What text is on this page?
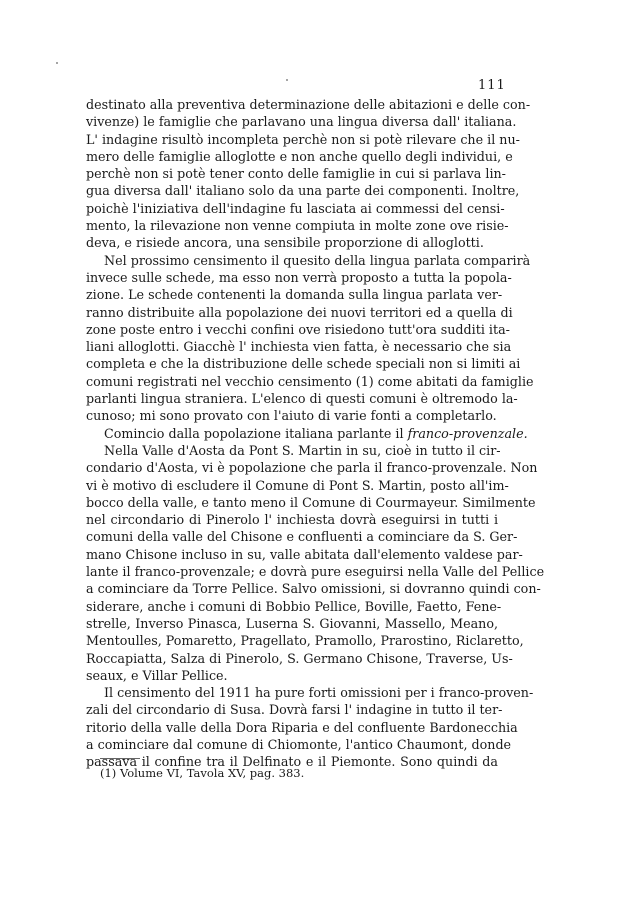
111
destinato alla preventiva determinazione delle abitazioni e delle con-
vivenze) le famiglie che parlavano una lingua diversa dall' italiana.
L' indagine risultò incompleta perchè non si potè rilevare che il nu-
mero delle famiglie alloglotte e non anche quello degli individui, e
perchè non si potè tener conto delle famiglie in cui si parlava lin-
gua diversa dall' italiano solo da una parte dei componenti. Inoltre,
poichè l'iniziativa dell'indagine fu lasciata ai commessi del censi-
mento, la rilevazione non venne compiuta in molte zone ove risie-
deva, e risiede ancora, una sensibile proporzione di alloglotti.
Nel prossimo censimento il quesito della lingua parlata comparirà
invece sulle schede, ma esso non verrà proposto a tutta la popola-
zione. Le schede contenenti la domanda sulla lingua parlata ver-
ranno distribuite alla popolazione dei nuovi territori ed a quella di
zone poste entro i vecchi confini ove risiedono tutt'ora sudditi ita-
liani alloglotti. Giacchè l' inchiesta vien fatta, è necessario che sia
completa e che la distribuzione delle schede speciali non si limiti ai
comuni registrati nel vecchio censimento (1) come abitati da famiglie
parlanti lingua straniera. L'elenco di questi comuni è oltremodo la-
cunoso; mi sono provato con l'aiuto di varie fonti a completarlo.
Comincio dalla popolazione italiana parlante il franco-provenzale.
Nella Valle d'Aosta da Pont S. Martin in su, cioè in tutto il cir-
condario d'Aosta, vi è popolazione che parla il franco-provenzale. Non
vi è motivo di escludere il Comune di Pont S. Martin, posto all'im-
bocco della valle, e tanto meno il Comune di Courmayeur. Similmente
nel circondario di Pinerolo l' inchiesta dovrà eseguirsi in tutti i
comuni della valle del Chisone e confluenti a cominciare da S. Ger-
mano Chisone incluso in su, valle abitata dall'elemento valdese par-
lante il franco-provenzale; e dovrà pure eseguirsi nella Valle del Pellice
a cominciare da Torre Pellice. Salvo omissioni, si dovranno quindi con-
siderare, anche i comuni di Bobbio Pellice, Boville, Faetto, Fene-
strelle, Inverso Pinasca, Luserna S. Giovanni, Massello, Meano,
Mentoulles, Pomaretto, Pragellato, Pramollo, Prarostino, Riclaretto,
Roccapiatta, Salza di Pinerolo, S. Germano Chisone, Traverse, Us-
seaux, e Villar Pellice.
Il censimento del 1911 ha pure forti omissioni per i franco-proven-
zali del circondario di Susa. Dovrà farsi l' indagine in tutto il ter-
ritorio della valle della Dora Riparia e del confluente Bardonecchia
a cominciare dal comune di Chiomonte, l'antico Chaumont, donde
passava il confine tra il Delfinato e il Piemonte. Sono quindi da
(1) Volume VI, Tavola XV, pag. 383.
